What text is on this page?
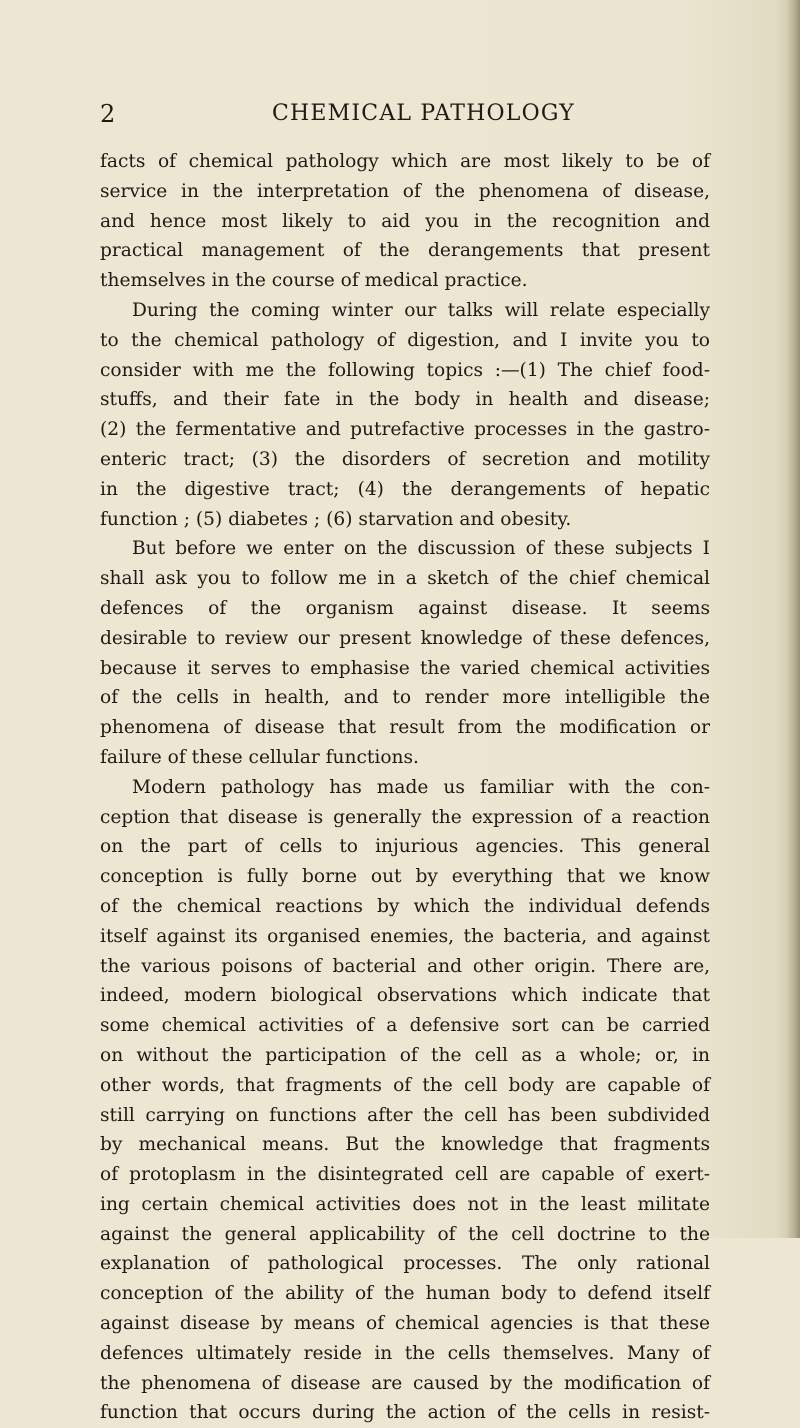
2	CHEMICAL PATHOLOGY
facts of chemical pathology which are most likely to be of
service in the interpretation of the phenomena of disease,
and hence most likely to aid you in the recognition and
practical management of the derangements that present
themselves in the course of medical practice.
During the coming winter our talks will relate especially
to the chemical pathology of digestion, and I invite you to
consider with me the following topics :—(1) The chief food-
stuffs, and their fate in the body in health and disease;
(2) the fermentative and putrefactive processes in the gastro-
enteric tract; (3) the disorders of secretion and motility
in the digestive tract; (4) the derangements of hepatic
function ; (5) diabetes ; (6) starvation and obesity.
But before we enter on the discussion of these subjects I
shall ask you to follow me in a sketch of the chief chemical
defences of the organism against disease. It seems
desirable to review our present knowledge of these defences,
because it serves to emphasise the varied chemical activities
of the cells in health, and to render more intelligible the
phenomena of disease that result from the modification or
failure of these cellular functions.
Modern pathology has made us familiar with the con-
ception that disease is generally the expression of a reaction
on the part of cells to injurious agencies. This general
conception is fully borne out by everything that we know
of the chemical reactions by which the individual defends
itself against its organised enemies, the bacteria, and against
the various poisons of bacterial and other origin. There are,
indeed, modern biological observations which indicate that
some chemical activities of a defensive sort can be carried
on without the participation of the cell as a whole; or, in
other words, that fragments of the cell body are capable of
still carrying on functions after the cell has been subdivided
by mechanical means. But the knowledge that fragments
of protoplasm in the disintegrated cell are capable of exert-
ing certain chemical activities does not in the least militate
against the general applicability of the cell doctrine to the
explanation of pathological processes. The only rational
conception of the ability of the human body to defend itself
against disease by means of chemical agencies is that these
defences ultimately reside in the cells themselves. Many of
the phenomena of disease are caused by the modification of
function that occurs during the action of the cells in resist-
